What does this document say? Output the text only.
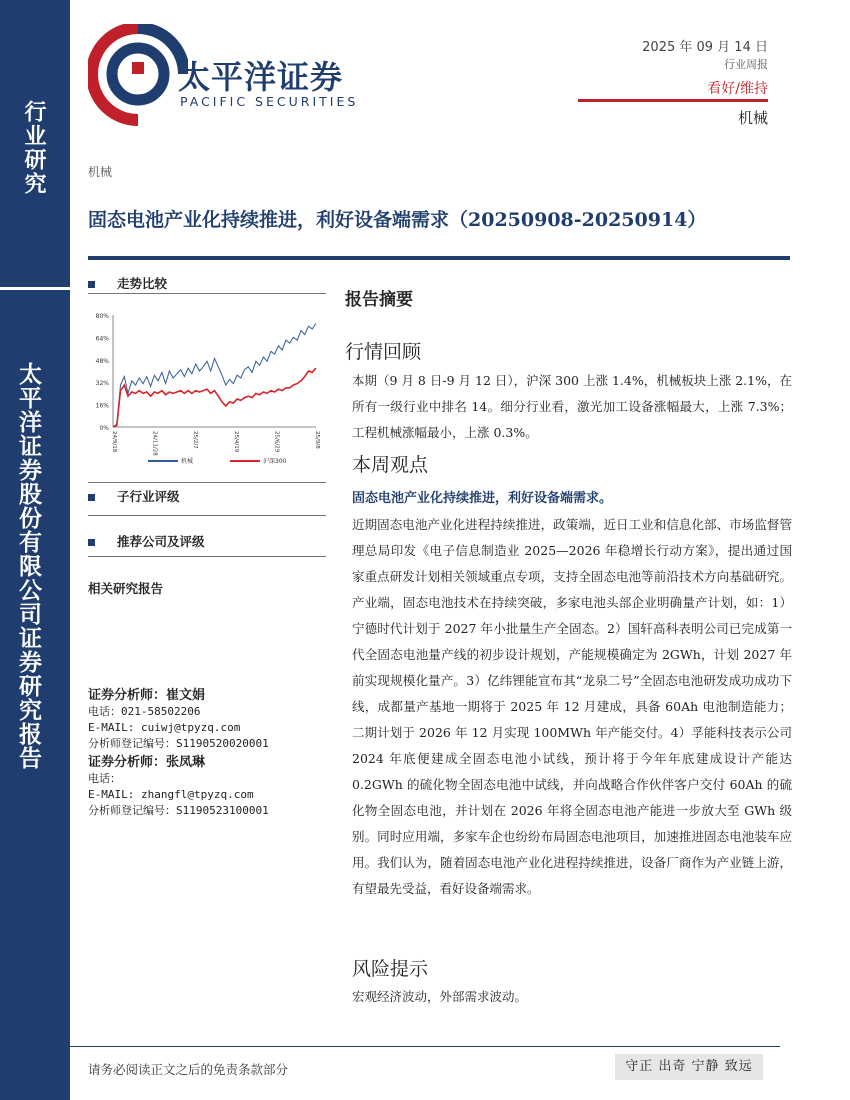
行业研究
太平洋证券股份有限公司证券研究报告
太平洋证券
PACIFIC SECURITIES
2025 年 09 月 14 日
行业周报
看好/维持
机械
机械
固态电池产业化持续推进，利好设备端需求（20250908-20250914）
走势比较
80%
64%
48%
32%
16%
0%
24/9/18	24/11/28	25/2/7	25/4/19	25/6/29	25/9/8
机械	沪深300
子行业评级
推荐公司及评级
相关研究报告
证券分析师：崔文娟
电话：021-58502206
E-MAIL: cuiwj@tpyzq.com
分析师登记编号：S1190520020001
证券分析师：张凤琳
电话：
E-MAIL: zhangfl@tpyzq.com
分析师登记编号：S1190523100001
报告摘要
行情回顾
本期（9 月 8 日-9 月 12 日），沪深 300 上涨 1.4%，机械板块上涨 2.1%，在所有一级行业中排名 14。细分行业看，激光加工设备涨幅最大，上涨 7.3%；工程机械涨幅最小，上涨 0.3%。
本周观点
固态电池产业化持续推进，利好设备端需求。
近期固态电池产业化进程持续推进，政策端，近日工业和信息化部、市场监督管理总局印发《电子信息制造业 2025—2026 年稳增长行动方案》，提出通过国家重点研发计划相关领域重点专项，支持全固态电池等前沿技术方向基础研究。产业端，固态电池技术在持续突破，多家电池头部企业明确量产计划，如：1）宁德时代计划于 2027 年小批量生产全固态。2）国轩高科表明公司已完成第一代全固态电池量产线的初步设计规划，产能规模确定为 2GWh，计划 2027 年前实现规模化量产。3）亿纬锂能宣布其“龙泉二号”全固态电池研发成功成功下线，成都量产基地一期将于 2025 年 12 月建成，具备 60Ah 电池制造能力；二期计划于 2026 年 12 月实现 100MWh 年产能交付。4）孚能科技表示公司 2024 年底便建成全固态电池小试线，预计将于今年年底建成设计产能达 0.2GWh 的硫化物全固态电池中试线，并向战略合作伙伴客户交付 60Ah 的硫化物全固态电池，并计划在 2026 年将全固态电池产能进一步放大至 GWh 级别。同时应用端，多家车企也纷纷布局固态电池项目，加速推进固态电池装车应用。我们认为，随着固态电池产业化进程持续推进，设备厂商作为产业链上游，有望最先受益，看好设备端需求。
风险提示
宏观经济波动，外部需求波动。
请务必阅读正文之后的免责条款部分	守正 出奇 宁静 致远
